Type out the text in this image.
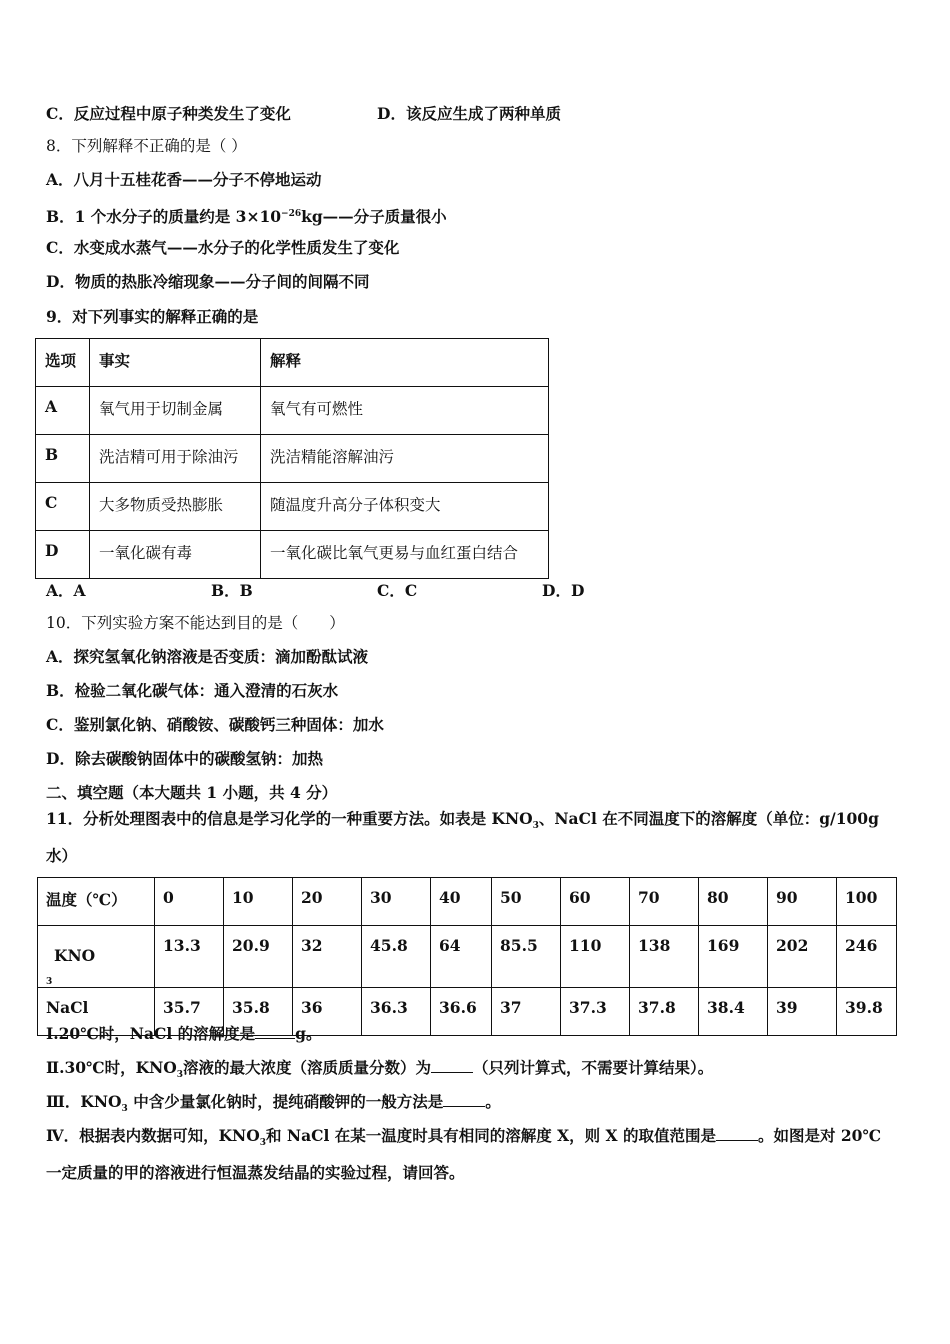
C．反应过程中原子种类发生了变化	D．该反应生成了两种单质
8．下列解释不正确的是（ ）
A．八月十五桂花香——分子不停地运动
B．1 个水分子的质量约是 $3\times 10^{-26}kg——$分子质量很小
C．水变成水蒸气——水分子的化学性质发生了变化
D．物质的热胀冷缩现象——分子间的间隔不同
9．对下列事实的解释正确的是
选项	事实	解释

A	氧气用于切制金属	氧气有可燃性

B	洗洁精可用于除油污	洗洁精能溶解油污

C	大多物质受热膨胀	随温度升高分子体积变大

D	一氧化碳有毒	一氧化碳比氧气更易与血红蛋白结合
A．A	B．B	C．C	D．D
10．下列实验方案不能达到目的是（　　）
A．探究氢氧化钠溶液是否变质：滴加酚酞试液
B．检验二氧化碳气体：通入澄清的石灰水
C．鉴别氯化钠、硝酸铵、碳酸钙三种固体：加水
D．除去碳酸钠固体中的碳酸氢钠：加热
二、填空题（本大题共 1 小题，共 4 分）
11．分析处理图表中的信息是学习化学的一种重要方法。如表是 $KNO_3$、NaCl 在不同温度下的溶解度（单位：g/100g
水）
温度（℃）	0	10	20	30	40	50	60	70	80	90	100

KNO
$_3$	13.3	20.9	32	45.8	64	85.5	110	138	169	202	246

NaCl	35.7	35.8	36	36.3	36.6	37	37.3	37.8	38.4	39	39.8
Ⅰ.20℃时，NaCl 的溶解度是	g。
Ⅱ.30℃时，$KNO_3$溶液的最大浓度（溶质质量分数）为	（只列计算式，不需要计算结果）。
Ⅲ．$KNO_3$ 中含少量氯化钠时，提纯硝酸钾的一般方法是	。
Ⅳ．根据表内数据可知，$KNO_3$和 NaCl 在某一温度时具有相同的溶解度 X，则 X 的取值范围是	。如图是对 20℃
一定质量的甲的溶液进行恒温蒸发结晶的实验过程，请回答。
